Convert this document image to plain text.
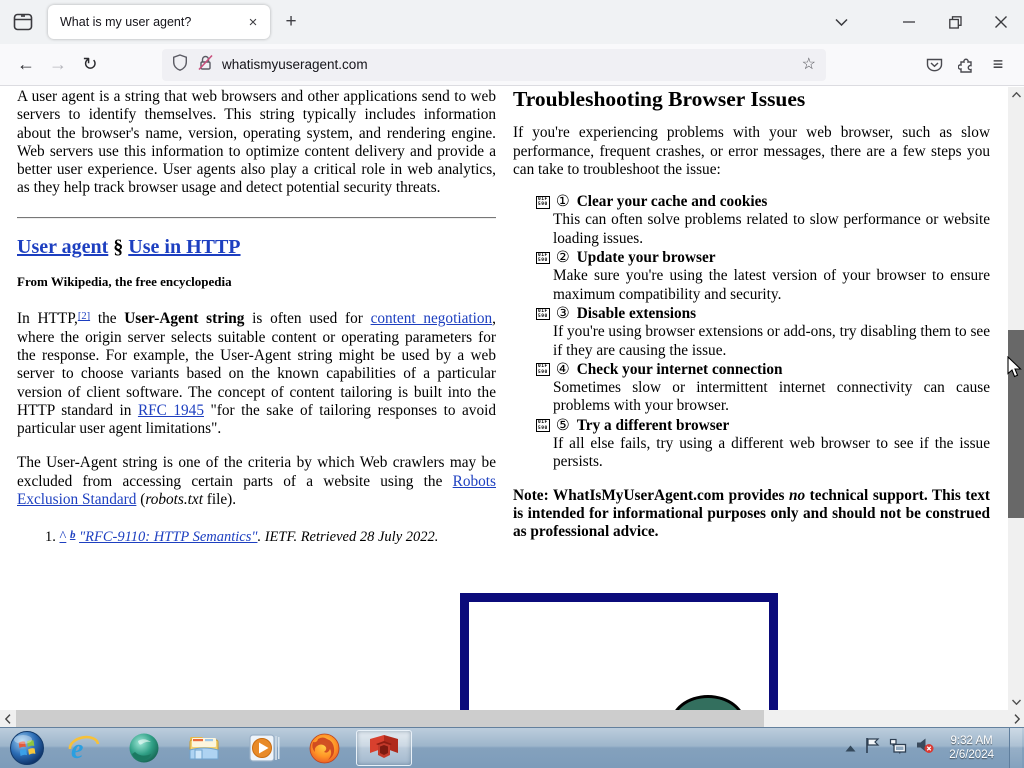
What is my user agent?	×	+
← → ↻	whatismyuseragent.com	☆	≡

A user agent is a string that web browsers and other applications send to web servers to identify themselves. This string typically includes information about the browser's name, version, operating system, and rendering engine. Web servers use this information to optimize content delivery and provide a better user experience. User agents also play a critical role in web analytics, as they help track browser usage and detect potential security threats.

User agent § Use in HTTP

From Wikipedia, the free encyclopedia

In HTTP,[2] the User-Agent string is often used for content negotiation, where the origin server selects suitable content or operating parameters for the response. For example, the User-Agent string might be used by a web server to choose variants based on the known capabilities of a particular version of client software. The concept of content tailoring is built into the HTTP standard in RFC 1945 "for the sake of tailoring responses to avoid particular user agent limitations".

The User-Agent string is one of the criteria by which Web crawlers may be excluded from accessing certain parts of a website using the Robots Exclusion Standard (robots.txt file).

1. ^ $^b$ "RFC-9110: HTTP Semantics". IETF. Retrieved 28 July 2022.
Troubleshooting Browser Issues

If you're experiencing problems with your web browser, such as slow performance, frequent crashes, or error messages, there are a few steps you can take to troubleshoot the issue:

01F
590 ① Clear your cache and cookies
This can often solve problems related to slow performance or website loading issues.
01F
590 ② Update your browser
Make sure you're using the latest version of your browser to ensure maximum compatibility and security.
01F
590 ③ Disable extensions
If you're using browser extensions or add-ons, try disabling them to see if they are causing the issue.
01F
590 ④ Check your internet connection
Sometimes slow or intermittent internet connectivity can cause problems with your browser.
01F
590 ⑤ Try a different browser
If all else fails, try using a different web browser to see if the issue persists.

Note: WhatIsMyUserAgent.com provides no technical support. This text is intended for informational purposes only and should not be construed as professional advice.

e	9:32 AM
2/6/2024
